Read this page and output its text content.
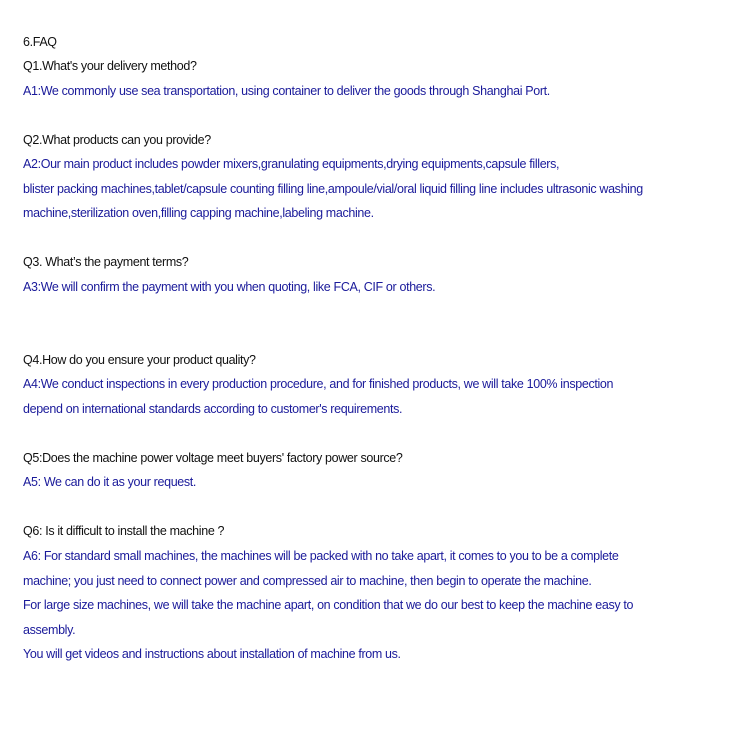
6.FAQ
Q1.What's your delivery method?
A1:We commonly use sea transportation, using container to deliver the goods through Shanghai Port.
Q2.What products can you provide?
A2:Our main product includes powder mixers,granulating equipments,drying equipments,capsule fillers,
blister packing machines,tablet/capsule counting filling line,ampoule/vial/oral liquid filling line includes ultrasonic washing
machine,sterilization oven,filling capping machine,labeling machine.
Q3. What’s the payment terms?
A3:We will confirm the payment with you when quoting, like FCA, CIF or others.
Q4.How do you ensure your product quality?
A4:We conduct inspections in every production procedure, and for finished products, we will take 100% inspection
depend on international standards according to customer's requirements.
Q5:Does the machine power voltage meet buyers' factory power source?
A5: We can do it as your request.
Q6: Is it difficult to install the machine ?
A6: For standard small machines, the machines will be packed with no take apart, it comes to you to be a complete
machine; you just need to connect power and compressed air to machine, then begin to operate the machine.
For large size machines, we will take the machine apart, on condition that we do our best to keep the machine easy to
assembly.
You will get videos and instructions about installation of machine from us.
